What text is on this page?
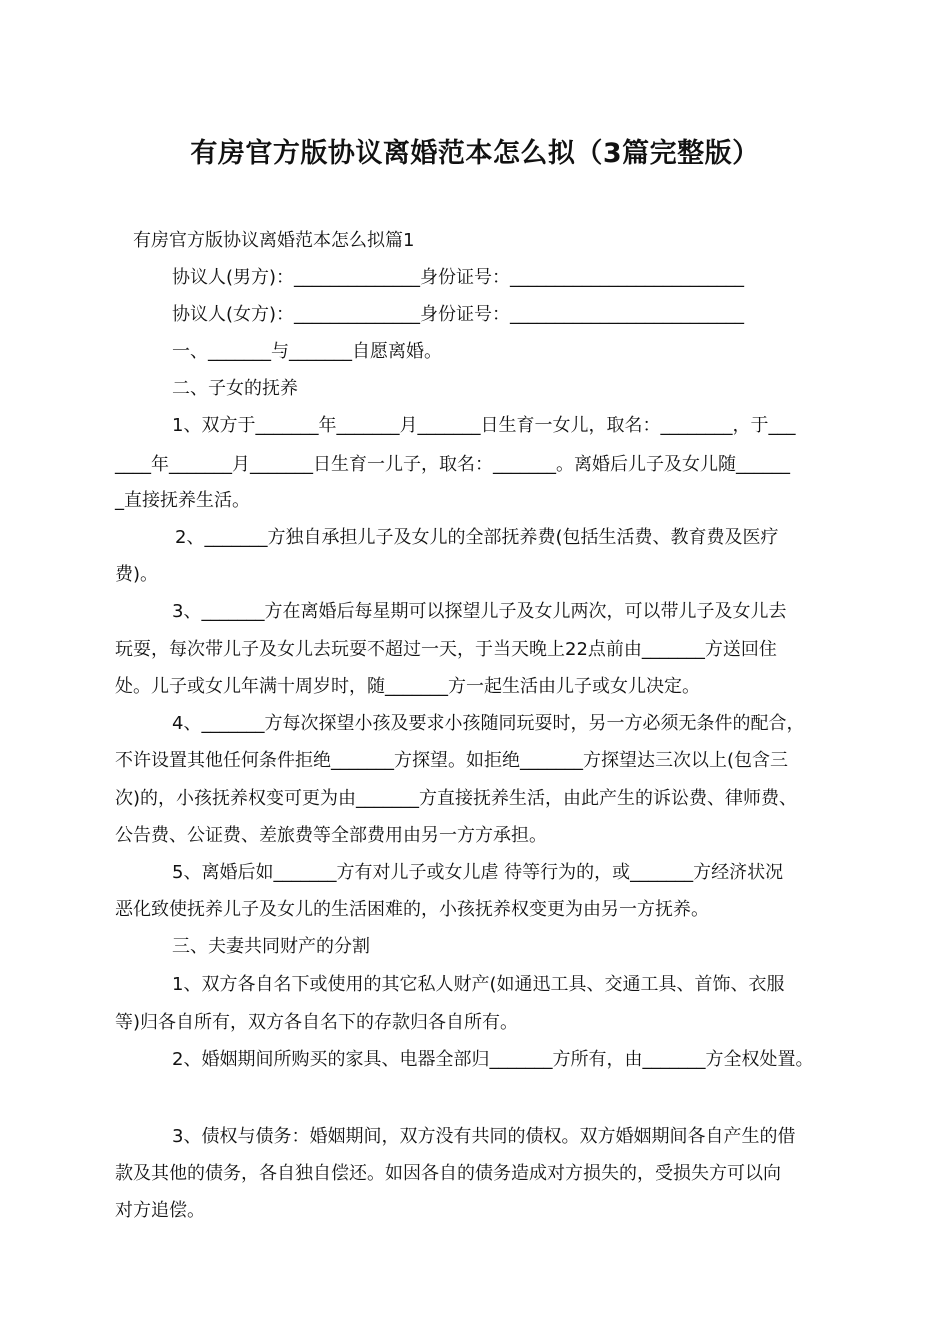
有房官方版协议离婚范本怎么拟（3篇完整版）
有房官方版协议离婚范本怎么拟篇1
协议人(男方)：______________身份证号：__________________________
协议人(女方)：______________身份证号：__________________________
一、_______与_______自愿离婚。
二、子女的抚养
1、双方于_______年_______月_______日生育一女儿，取名：________，于___
____年_______月_______日生育一儿子，取名：_______。离婚后儿子及女儿随______
_直接抚养生活。
2、_______方独自承担儿子及女儿的全部抚养费(包括生活费、教育费及医疗
费)。
3、_______方在离婚后每星期可以探望儿子及女儿两次，可以带儿子及女儿去
玩耍，每次带儿子及女儿去玩耍不超过一天，于当天晚上22点前由_______方送回住
处。儿子或女儿年满十周岁时，随_______方一起生活由儿子或女儿决定。
4、_______方每次探望小孩及要求小孩随同玩耍时，另一方必须无条件的配合，
不许设置其他任何条件拒绝_______方探望。如拒绝_______方探望达三次以上(包含三
次)的，小孩抚养权变可更为由_______方直接抚养生活，由此产生的诉讼费、律师费、
公告费、公证费、差旅费等全部费用由另一方方承担。
5、离婚后如_______方有对儿子或女儿虐 待等行为的，或_______方经济状况
恶化致使抚养儿子及女儿的生活困难的，小孩抚养权变更为由另一方抚养。
三、夫妻共同财产的分割
1、双方各自名下或使用的其它私人财产(如通迅工具、交通工具、首饰、衣服
等)归各自所有，双方各自名下的存款归各自所有。
2、婚姻期间所购买的家具、电器全部归_______方所有，由_______方全权处置。
3、债权与债务：婚姻期间，双方没有共同的债权。双方婚姻期间各自产生的借
款及其他的债务，各自独自偿还。如因各自的债务造成对方损失的，受损失方可以向
对方追偿。
